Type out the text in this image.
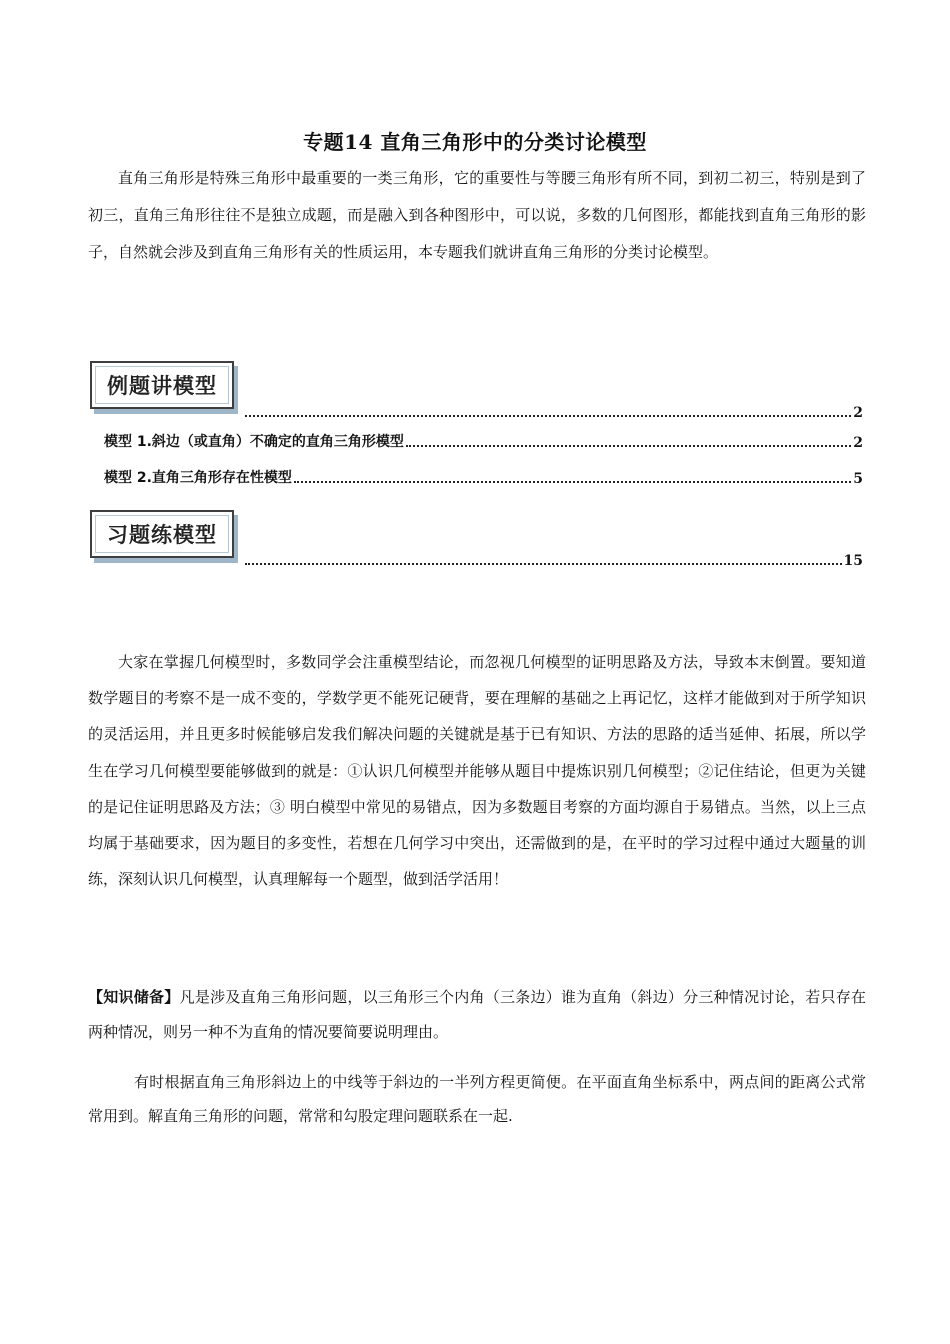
专题14 直角三角形中的分类讨论模型

直角三角形是特殊三角形中最重要的一类三角形，它的重要性与等腰三角形有所不同，到初二初三，特别是到了初三，直角三角形往往不是独立成题，而是融入到各种图形中，可以说，多数的几何图形，都能找到直角三角形的影子，自然就会涉及到直角三角形有关的性质运用，本专题我们就讲直角三角形的分类讨论模型。

例题讲模型
2
模型 1.斜边（或直角）不确定的直角三角形模型	2
模型 2.直角三角形存在性模型	5
习题练模型
15

大家在掌握几何模型时，多数同学会注重模型结论，而忽视几何模型的证明思路及方法，导致本末倒置。要知道数学题目的考察不是一成不变的，学数学更不能死记硬背，要在理解的基础之上再记忆，这样才能做到对于所学知识的灵活运用，并且更多时候能够启发我们解决问题的关键就是基于已有知识、方法的思路的适当延伸、拓展，所以学生在学习几何模型要能够做到的就是：①认识几何模型并能够从题目中提炼识别几何模型；②记住结论，但更为关键的是记住证明思路及方法；③ 明白模型中常见的易错点，因为多数题目考察的方面均源自于易错点。当然，以上三点均属于基础要求，因为题目的多变性，若想在几何学习中突出，还需做到的是，在平时的学习过程中通过大题量的训练，深刻认识几何模型，认真理解每一个题型，做到活学活用！

【知识储备】凡是涉及直角三角形问题，以三角形三个内角（三条边）谁为直角（斜边）分三种情况讨论，若只存在两种情况，则另一种不为直角的情况要简要说明理由。

有时根据直角三角形斜边上的中线等于斜边的一半列方程更简便。在平面直角坐标系中，两点间的距离公式常常用到。解直角三角形的问题，常常和勾股定理问题联系在一起.
